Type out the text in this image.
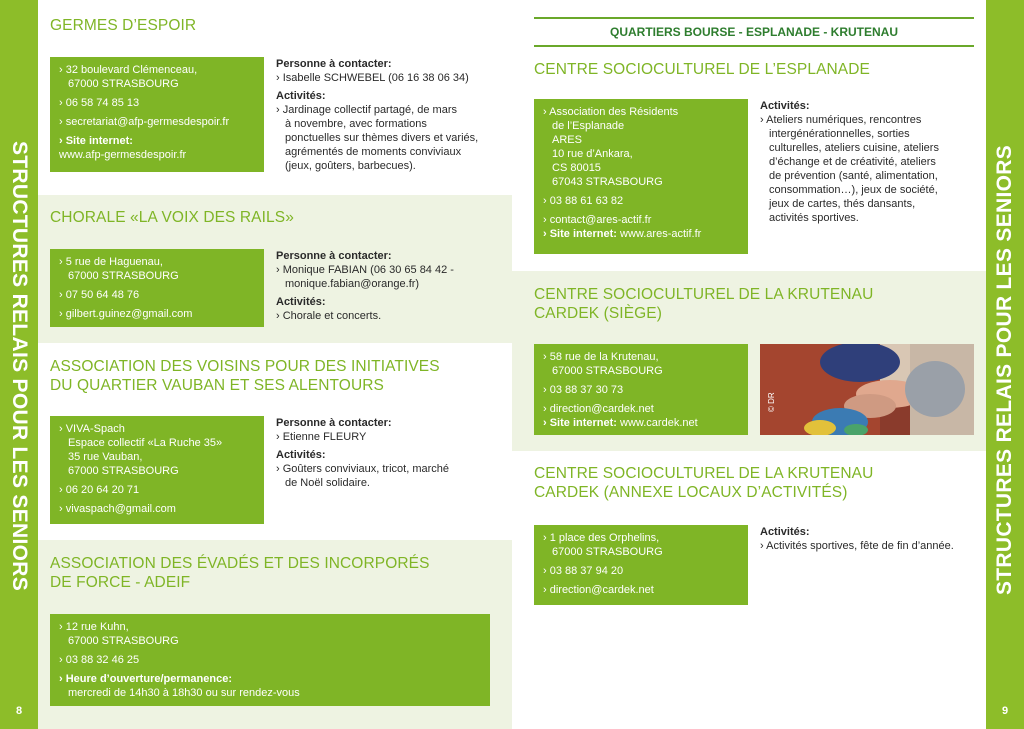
STRUCTURES RELAIS POUR LES SENIORS
8
STRUCTURES RELAIS POUR LES SENIORS
9
GERMES D’ESPOIR
› 32 boulevard Clémenceau,
67000 STRASBOURG
› 06 58 74 85 13
› secretariat@afp-germesdespoir.fr
› Site internet:
www.afp-germesdespoir.fr
Personne à contacter:
› Isabelle SCHWEBEL (06 16 38 06 34)
Activités:
› Jardinage collectif partagé, de mars
à novembre, avec formations
ponctuelles sur thèmes divers et variés,
agrémentés de moments conviviaux
(jeux, goûters, barbecues).
CHORALE «LA VOIX DES RAILS»
› 5 rue de Haguenau,
67000 STRASBOURG
› 07 50 64 48 76
› gilbert.guinez@gmail.com
Personne à contacter:
› Monique FABIAN (06 30 65 84 42 -
monique.fabian@orange.fr)
Activités:
› Chorale et concerts.
ASSOCIATION DES VOISINS POUR DES INITIATIVES
DU QUARTIER VAUBAN ET SES ALENTOURS
› VIVA-Spach
Espace collectif «La Ruche 35»
35 rue Vauban,
67000 STRASBOURG
› 06 20 64 20 71
› vivaspach@gmail.com
Personne à contacter:
› Etienne FLEURY
Activités:
› Goûters conviviaux, tricot, marché
de Noël solidaire.
ASSOCIATION DES ÉVADÉS ET DES INCORPORÉS
DE FORCE - ADEIF
› 12 rue Kuhn,
67000 STRASBOURG
› 03 88 32 46 25
› Heure d’ouverture/permanence:
mercredi de 14h30 à 18h30 ou sur rendez-vous
QUARTIERS BOURSE - ESPLANADE - KRUTENAU
CENTRE SOCIOCULTUREL DE L’ESPLANADE
› Association des Résidents
de l’Esplanade
ARES
10 rue d’Ankara,
CS 80015
67043 STRASBOURG
› 03 88 61 63 82
› contact@ares-actif.fr
› Site internet: www.ares-actif.fr
Activités:
› Ateliers numériques, rencontres
intergénérationnelles, sorties
culturelles, ateliers cuisine, ateliers
d’échange et de créativité, ateliers
de prévention (santé, alimentation,
consommation…), jeux de société,
jeux de cartes, thés dansants,
activités sportives.
CENTRE SOCIOCULTUREL DE LA KRUTENAU
CARDEK (SIÈGE)
› 58 rue de la Krutenau,
67000 STRASBOURG
› 03 88 37 30 73
› direction@cardek.net
› Site internet: www.cardek.net
© DR
CENTRE SOCIOCULTUREL DE LA KRUTENAU
CARDEK (ANNEXE LOCAUX D’ACTIVITÉS)
› 1 place des Orphelins,
67000 STRASBOURG
› 03 88 37 94 20
› direction@cardek.net
Activités:
› Activités sportives, fête de fin d’année.
